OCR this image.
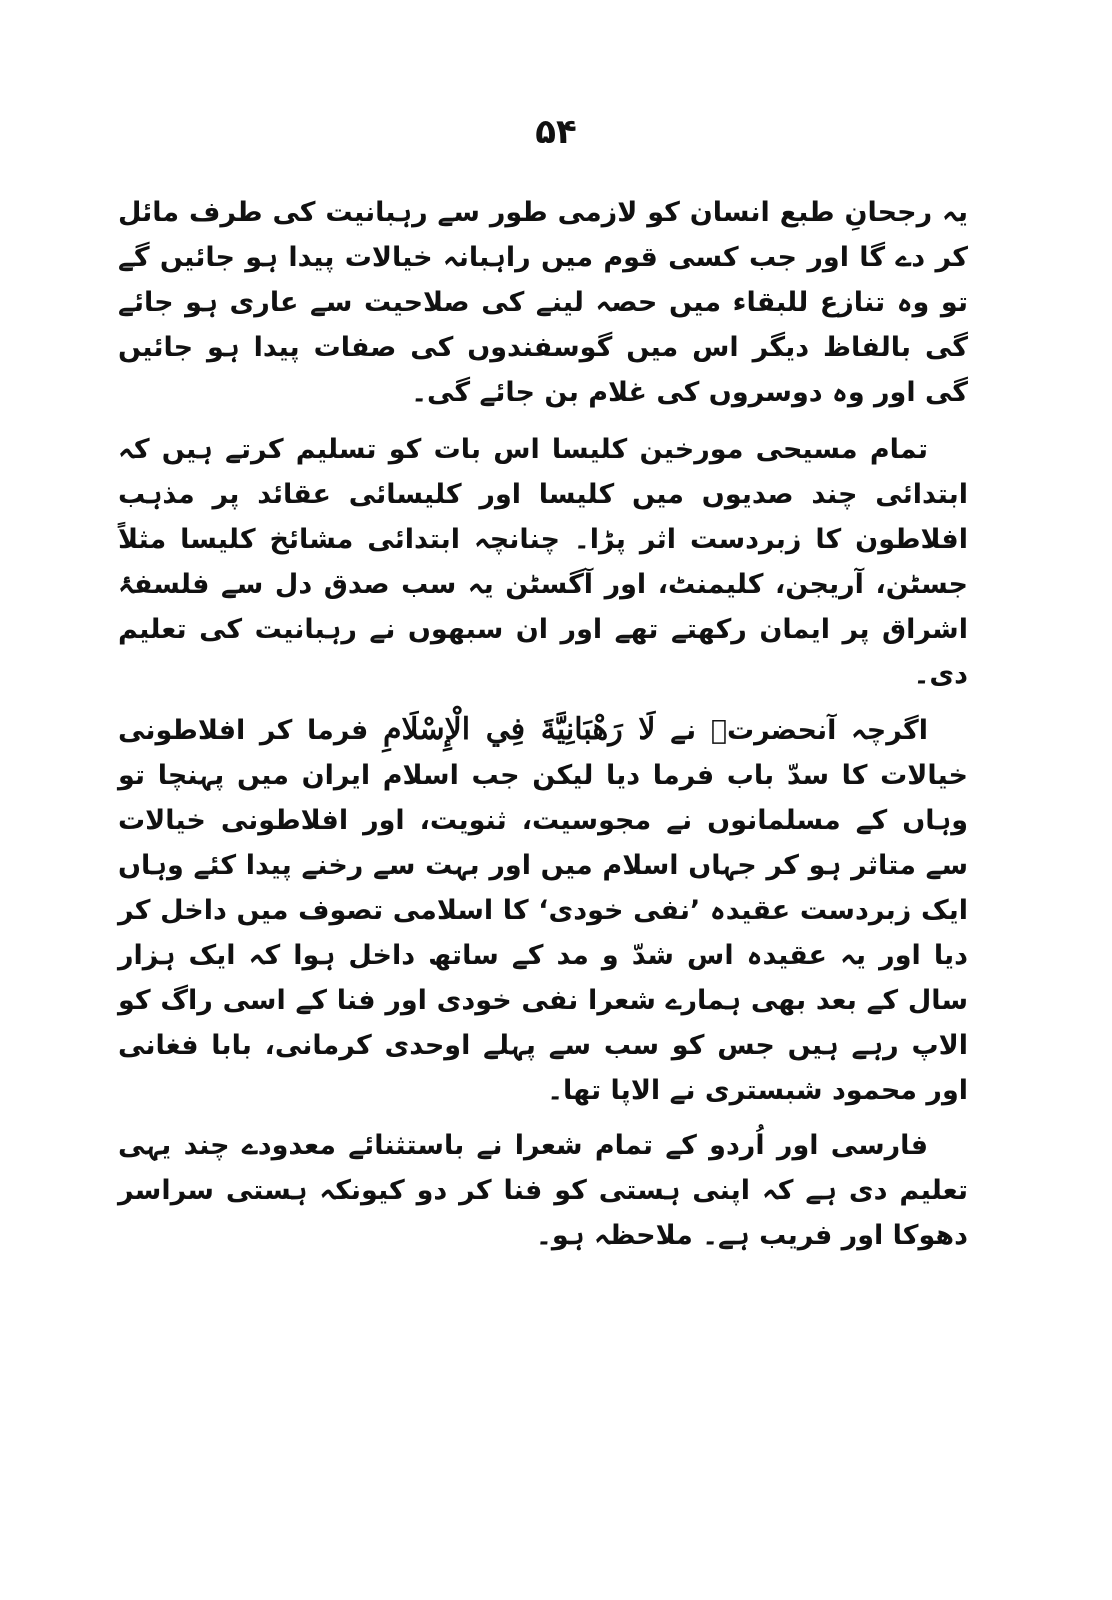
۵۴

یہ رجحانِ طبع انسان کو لازمی طور سے رہبانیت کی طرف مائل کر دے گا اور جب کسی قوم میں راہبانہ خیالات پیدا ہو جائیں گے تو وہ تنازع للبقاء میں حصہ لینے کی صلاحیت سے عاری ہو جائے گی بالفاظ دیگر اس میں گوسفندوں کی صفات پیدا ہو جائیں گی اور وہ دوسروں کی غلام بن جائے گی۔

تمام مسیحی مورخین کلیسا اس بات کو تسلیم کرتے ہیں کہ ابتدائی چند صدیوں میں کلیسا اور کلیسائی عقائد پر مذہب افلاطون کا زبردست اثر پڑا۔ چنانچہ ابتدائی مشائخ کلیسا مثلاً جسٹن، آریجن، کلیمنٹ، اور آگسٹن یہ سب صدق دل سے فلسفۂ اشراق پر ایمان رکھتے تھے اور ان سبھوں نے رہبانیت کی تعلیم دی۔

اگرچہ آنحضرتؐ نے لَا رَهْبَانِيَّةَ فِي الْإِسْلَامِ فرما کر افلاطونی خیالات کا سدّ باب فرما دیا لیکن جب اسلام ایران میں پہنچا تو وہاں کے مسلمانوں نے مجوسیت، ثنویت، اور افلاطونی خیالات سے متاثر ہو کر جہاں اسلام میں اور بہت سے رخنے پیدا کئے وہاں ایک زبردست عقیدہ ’نفی خودی‘ کا اسلامی تصوف میں داخل کر دیا اور یہ عقیدہ اس شدّ و مد کے ساتھ داخل ہوا کہ ایک ہزار سال کے بعد بھی ہمارے شعرا نفی خودی اور فنا کے اسی راگ کو الاپ رہے ہیں جس کو سب سے پہلے اوحدی کرمانی، بابا فغانی اور محمود شبستری نے الاپا تھا۔

فارسی اور اُردو کے تمام شعرا نے باستثنائے معدودے چند یہی تعلیم دی ہے کہ اپنی ہستی کو فنا کر دو کیونکہ ہستی سراسر دھوکا اور فریب ہے۔ ملاحظہ ہو۔
